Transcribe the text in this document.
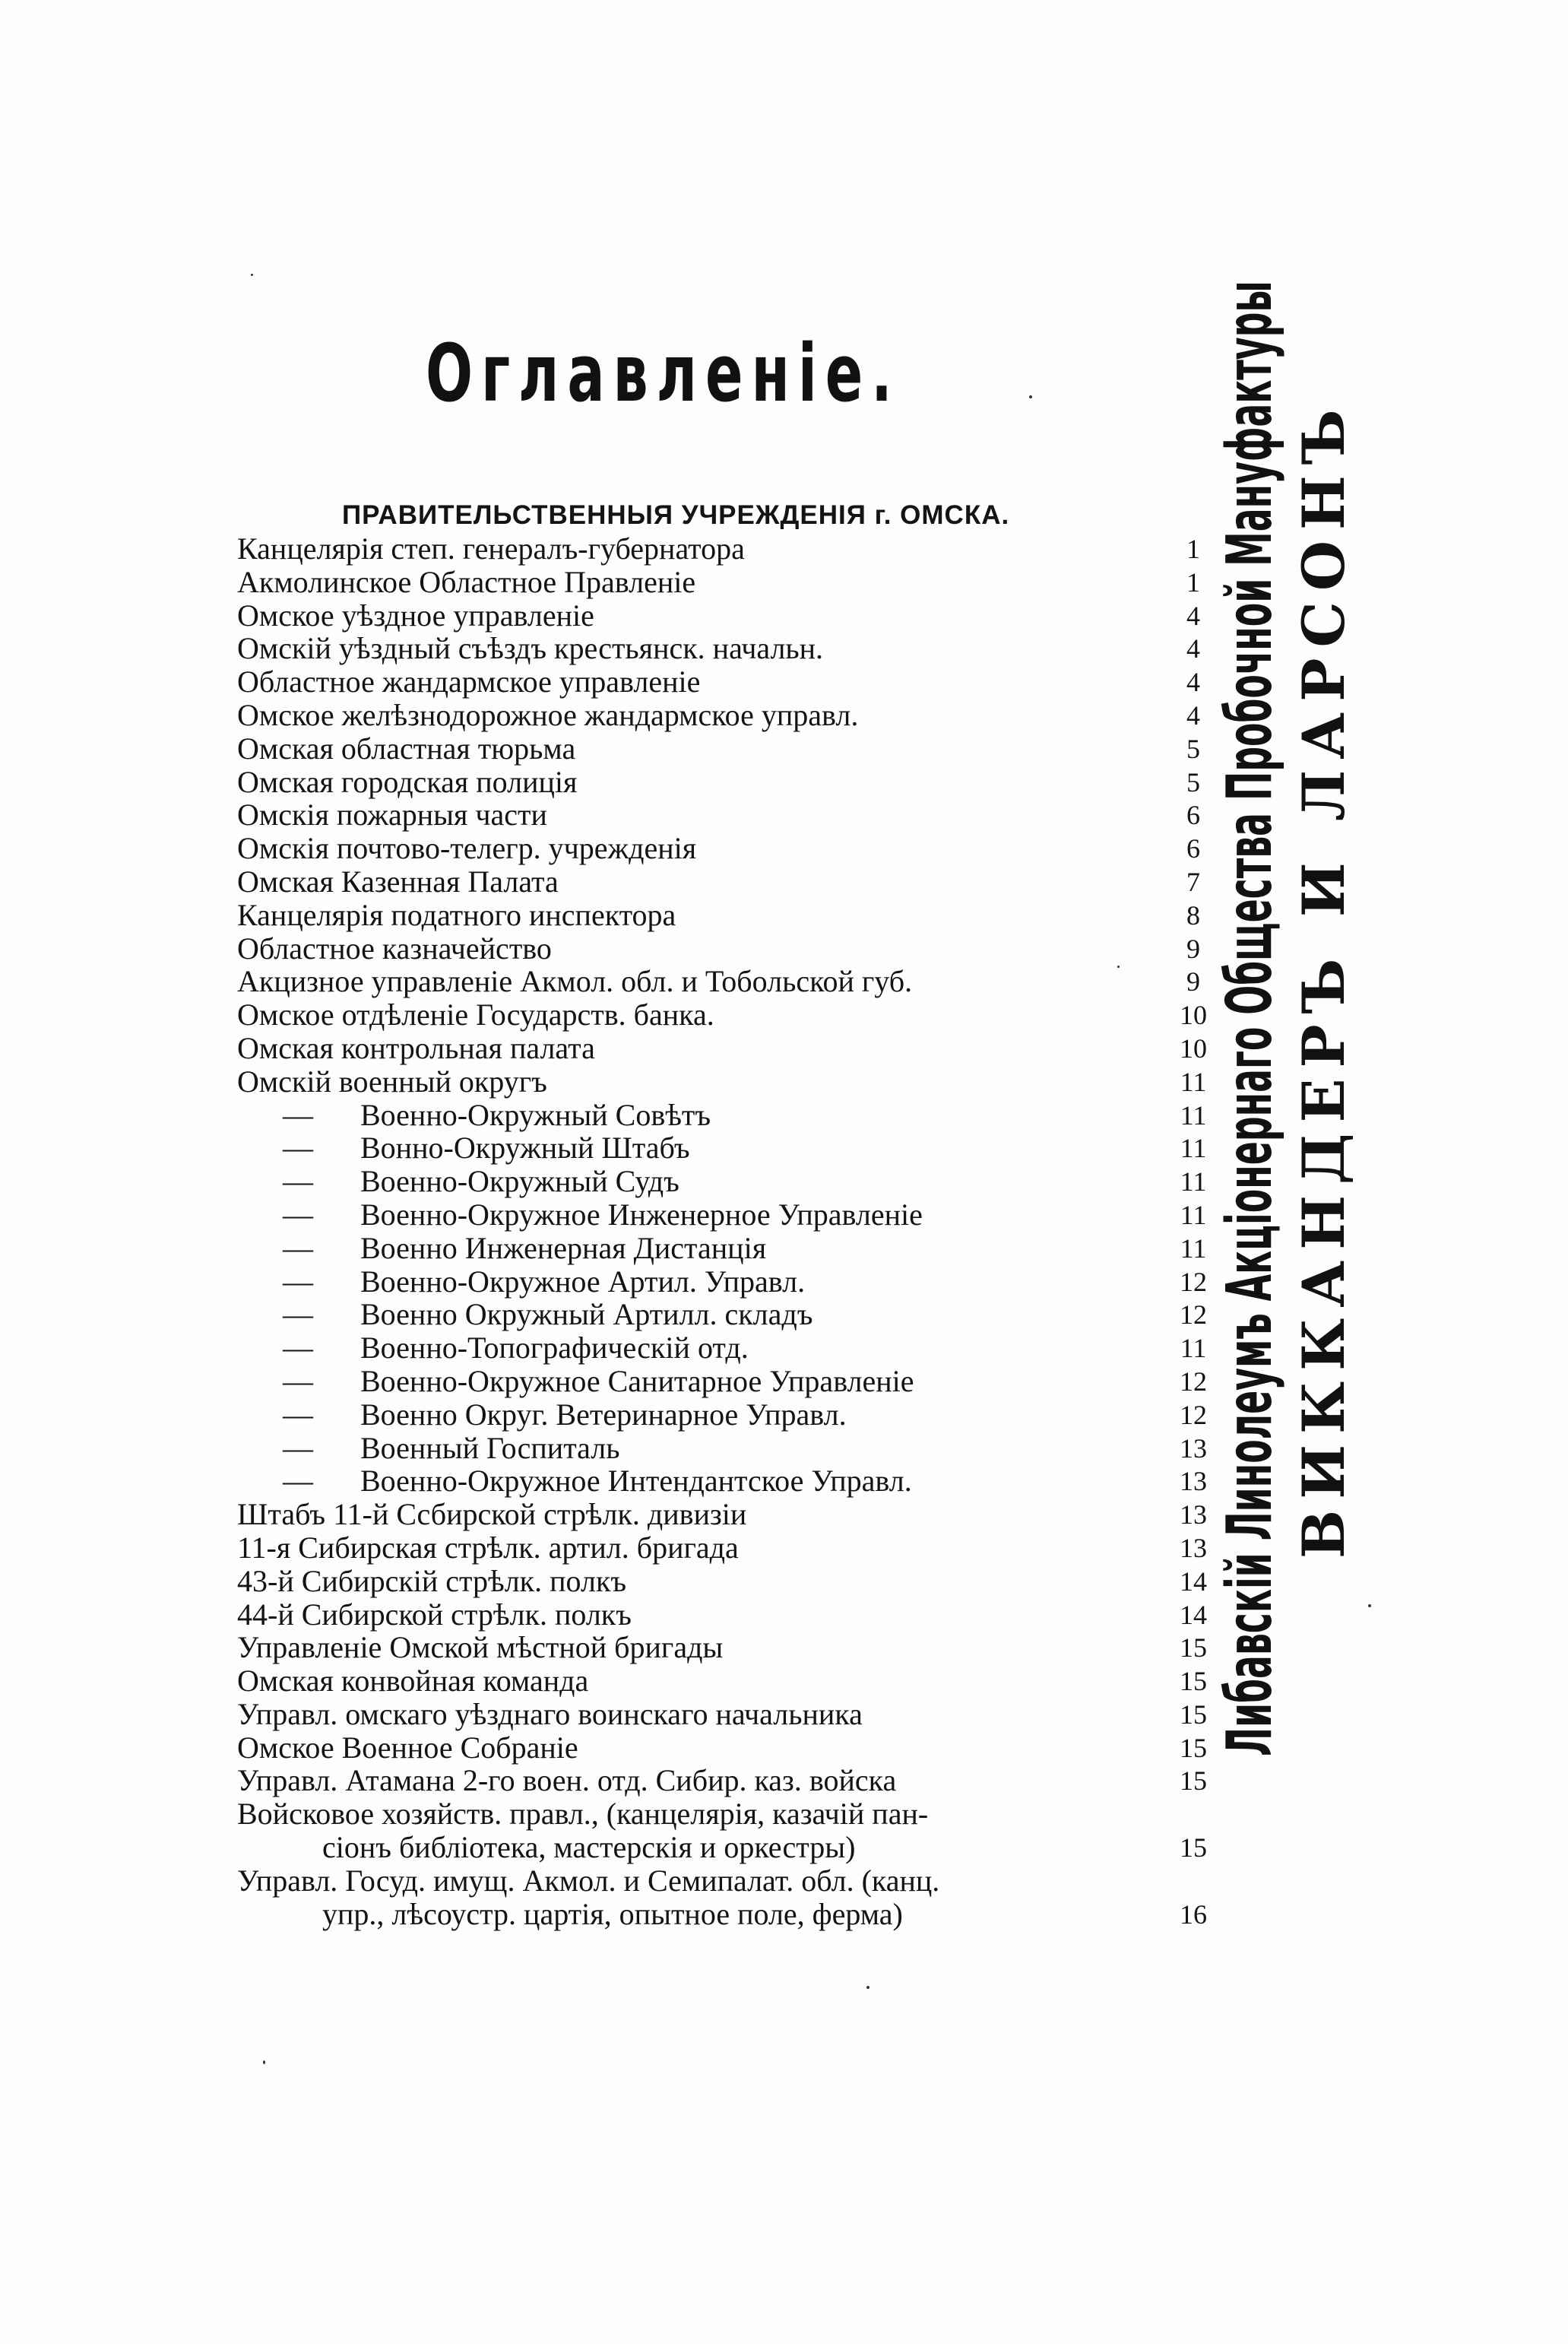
Оглавленіе.
ПРАВИТЕЛЬСТВЕННЫЯ УЧРЕЖДЕНІЯ г. ОМСКА.
Канцелярія степ. генералъ-губернатора	1
Акмолинское Областное Правленіе	1
Омское уѣздное управленіе	4
Омскій уѣздный съѣздъ крестьянск. начальн.	4
Областное жандармское управленіе	4
Омское желѣзнодорожное жандармское управл.	4
Омская областная тюрьма	5
Омская городская полиція	5
Омскія пожарныя части	6
Омскія почтово-телегр. учрежденія	6
Омская Казенная Палата	7
Канцелярія податного инспектора	8
Областное казначейство	9
Акцизное управленіе Акмол. обл. и Тобольской губ.	9
Омское отдѣленіе Государств. банка.	10
Омская контрольная палата	10
Омскій военный округъ	11
— Военно-Окружный Совѣтъ	11
— Вонно-Окружный Штабъ	11
— Военно-Окружный Судъ	11
— Военно-Окружное Инженерное Управленіе	11
— Военно Инженерная Дистанція	11
— Военно-Окружное Артил. Управл.	12
— Военно Окружный Артилл. складъ	12
— Военно-Топографическій отд.	11
— Военно-Окружное Санитарное Управленіе	12
— Военно Округ. Ветеринарное Управл.	12
— Военный Госпиталь	13
— Военно-Окружное Интендантское Управл.	13
Штабъ 11-й Ссбирской стрѣлк. дивизіи	13
11-я Сибирская стрѣлк. артил. бригада	13
43-й Сибирскій стрѣлк. полкъ	14
44-й Сибирской стрѣлк. полкъ	14
Управленіе Омской мѣстной бригады	15
Омская конвойная команда	15
Управл. омскаго уѣзднаго воинскаго начальника	15
Омское Военное Собраніе	15
Управл. Атамана 2-го воен. отд. Сибир. каз. войска	15
Войсковое хозяйств. правл., (канцелярія, казачій пан-
сіонъ библіотека, мастерскія и оркестры)	15
Управл. Госуд. имущ. Акмол. и Семипалат. обл. (канц.
упр., лѣсоустр. цартія, опытное поле, ферма)	16
Либавскій Линолеумъ Акціонернаго Общества Пробочной Мануфактуры ВИККАНДЕРЪ И ЛАРСОНЪ
